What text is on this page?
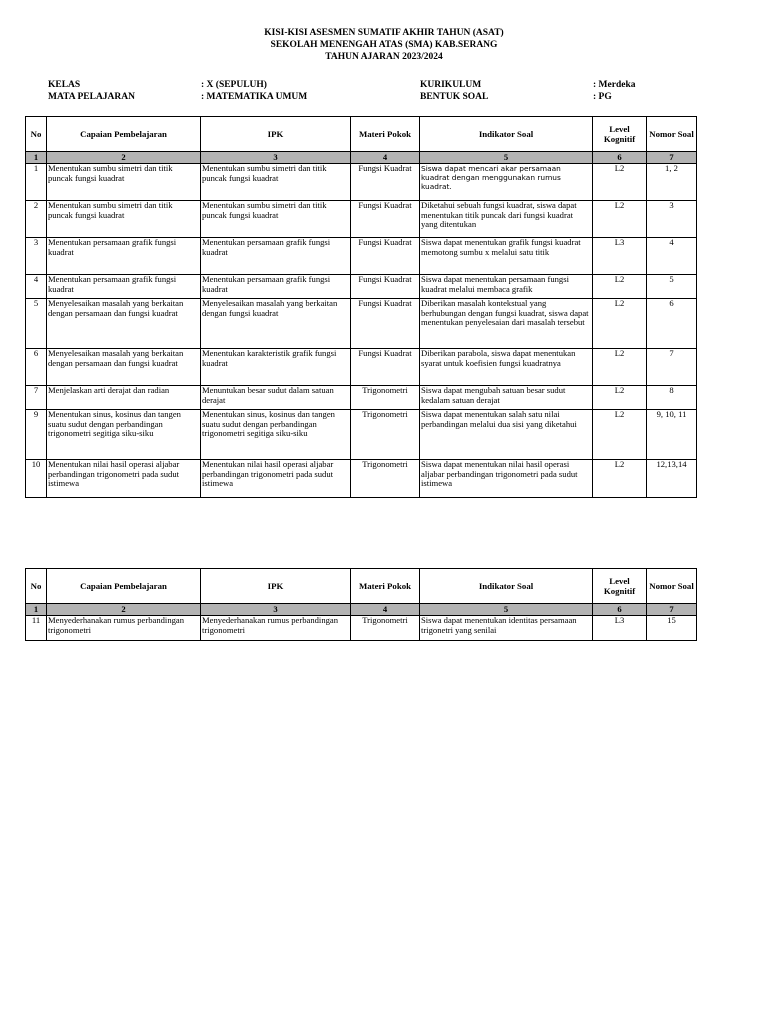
KISI-KISI ASESMEN SUMATIF AKHIR TAHUN (ASAT)
SEKOLAH MENENGAH ATAS (SMA) KAB.SERANG
TAHUN AJARAN 2023/2024
KELAS	: X (SEPULUH)	KURIKULUM	: Merdeka
MATA PELAJARAN	: MATEMATIKA UMUM	BENTUK SOAL	: PG
No	Capaian Pembelajaran	IPK	Materi Pokok	Indikator Soal	Level Kognitif	Nomor Soal
1	2	3	4	5	6	7
1	Menentukan sumbu simetri dan titik puncak fungsi kuadrat	Menentukan sumbu simetri dan titik puncak fungsi kuadrat	Fungsi Kuadrat	Siswa dapat mencari akar persamaan kuadrat dengan menggunakan rumus kuadrat.	L2	1, 2
2	Menentukan sumbu simetri dan titik puncak fungsi kuadrat	Menentukan sumbu simetri dan titik puncak fungsi kuadrat	Fungsi Kuadrat	Diketahui sebuah fungsi kuadrat, siswa dapat menentukan titik puncak dari fungsi kuadrat yang ditentukan	L2	3
3	Menentukan persamaan grafik fungsi kuadrat	Menentukan persamaan grafik fungsi kuadrat	Fungsi Kuadrat	Siswa dapat menentukan grafik fungsi kuadrat memotong sumbu x melalui satu titik	L3	4
4	Menentukan persamaan grafik fungsi kuadrat	Menentukan persamaan grafik fungsi kuadrat	Fungsi Kuadrat	Siswa dapat menentukan persamaan fungsi kuadrat melalui membaca grafik	L2	5
5	Menyelesaikan masalah yang berkaitan dengan persamaan dan fungsi kuadrat	Menyelesaikan masalah yang berkaitan dengan fungsi kuadrat	Fungsi Kuadrat	Diberikan masalah kontekstual yang berhubungan dengan fungsi kuadrat, siswa dapat menentukan penyelesaian dari masalah tersebut	L2	6
6	Menyelesaikan masalah yang berkaitan dengan persamaan dan fungsi kuadrat	Menentukan karakteristik grafik fungsi kuadrat	Fungsi Kuadrat	Diberikan parabola, siswa dapat menentukan syarat untuk koefisien fungsi kuadratnya	L2	7
7	Menjelaskan arti derajat dan radian	Menuntukan besar sudut dalam satuan derajat	Trigonometri	Siswa dapat mengubah satuan besar sudut kedalam satuan derajat	L2	8
9	Menentukan sinus, kosinus dan tangen suatu sudut dengan perbandingan trigonometri segitiga siku-siku	Menentukan sinus, kosinus dan tangen suatu sudut dengan perbandingan trigonometri segitiga siku-siku	Trigonometri	Siswa dapat menentukan salah satu nilai perbandingan melalui dua sisi yang diketahui	L2	9, 10, 11
10	Menentukan nilai hasil operasi aljabar perbandingan trigonometri pada sudut istimewa	Menentukan nilai hasil operasi aljabar perbandingan trigonometri pada sudut istimewa	Trigonometri	Siswa dapat menentukan nilai hasil operasi aljabar perbandingan trigonometri pada sudut istimewa	L2	12,13,14
No	Capaian Pembelajaran	IPK	Materi Pokok	Indikator Soal	Level Kognitif	Nomor Soal
1	2	3	4	5	6	7
11	Menyederhanakan rumus perbandingan trigonometri	Menyederhanakan rumus perbandingan trigonometri	Trigonometri	Siswa dapat menentukan identitas persamaan trigonetri yang senilai	L3	15
